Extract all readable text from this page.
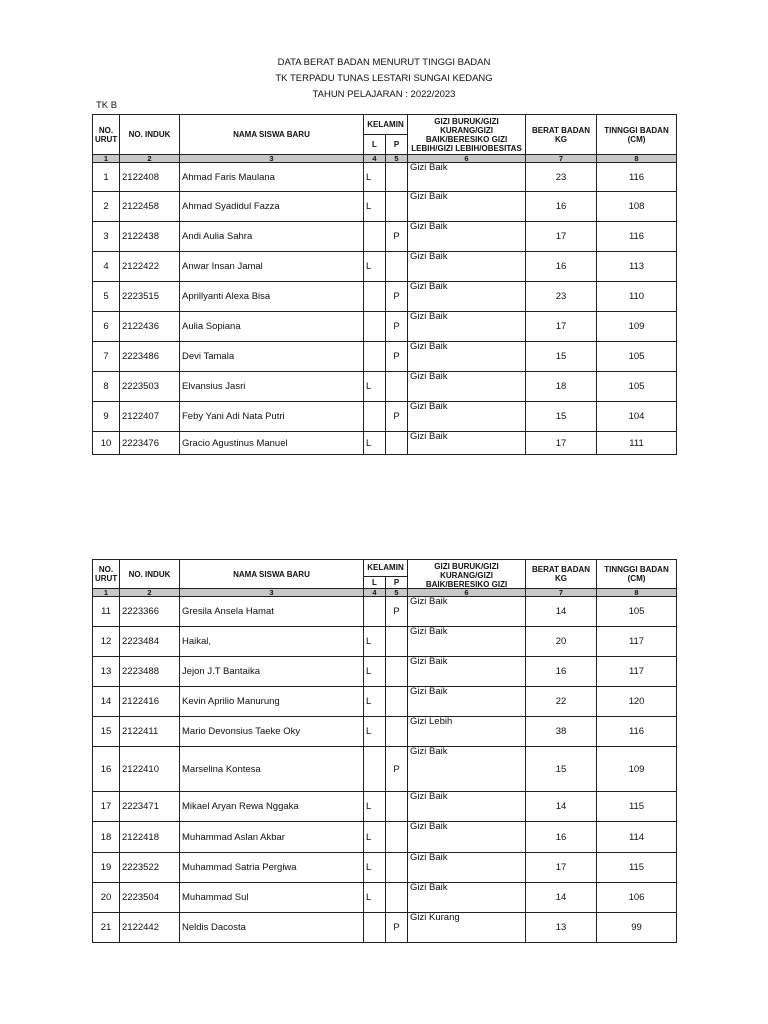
DATA BERAT BADAN MENURUT TINGGI BADAN
TK TERPADU TUNAS LESTARI SUNGAI KEDANG
TAHUN PELAJARAN : 2022/2023
TK B
NO. URUT	NO. INDUK	NAMA SISWA BARU	KELAMIN		GIZI BURUK/GIZI KURANG/GIZI BAIK/BERESIKO GIZI LEBIH/GIZI LEBIH/OBESITAS	BERAT BADAN KG	TINNGGI BADAN (CM)
			L	P			
1	2	3	4	5	6	7	8
1	2122408	Ahmad Faris Maulana	L		Gizi Baik	23	116
2	2122458	Ahmad Syadidul Fazza	L		Gizi Baik	16	108
3	2122438	Andi Aulia Sahra		P	Gizi Baik	17	116
4	2122422	Anwar Insan Jamal	L		Gizi Baik	16	113
5	2223515	Aprillyanti Alexa Bisa		P	Gizi Baik	23	110
6	2122436	Aulia Sopiana		P	Gizi Baik	17	109
7	2223486	Devi Tamala		P	Gizi Baik	15	105
8	2223503	Elvansius Jasri	L		Gizi Baik	18	105
9	2122407	Feby Yani Adi Nata Putri		P	Gizi Baik	15	104
10	2223476	Gracio Agustinus Manuel	L		Gizi Baik	17	111
NO. URUT	NO. INDUK	NAMA SISWA BARU	KELAMIN		GIZI BURUK/GIZI KURANG/GIZI BAIK/BERESIKO GIZI	BERAT BADAN KG	TINNGGI BADAN (CM)
			L	P			
1	2	3	4	5	6	7	8
11	2223366	Gresila Ansela Hamat		P	Gizi Baik	14	105
12	2223484	Haikal,	L		Gizi Baik	20	117
13	2223488	Jejon J.T Bantaika	L		Gizi Baik	16	117
14	2122416	Kevin Aprilio Manurung	L		Gizi Baik	22	120
15	2122411	Mario Devonsius Taeke Oky	L		Gizi Lebih	38	116
16	2122410	Marselina Kontesa		P	Gizi Baik	15	109
17	2223471	Mikael Aryan Rewa Nggaka	L		Gizi Baik	14	115
18	2122418	Muhammad Aslan Akbar	L		Gizi Baik	16	114
19	2223522	Muhammad Satria Pergiwa	L		Gizi Baik	17	115
20	2223504	Muhammad Sul	L		Gizi Baik	14	106
21	2122442	Neldis Dacosta		P	Gizi Kurang	13	99
